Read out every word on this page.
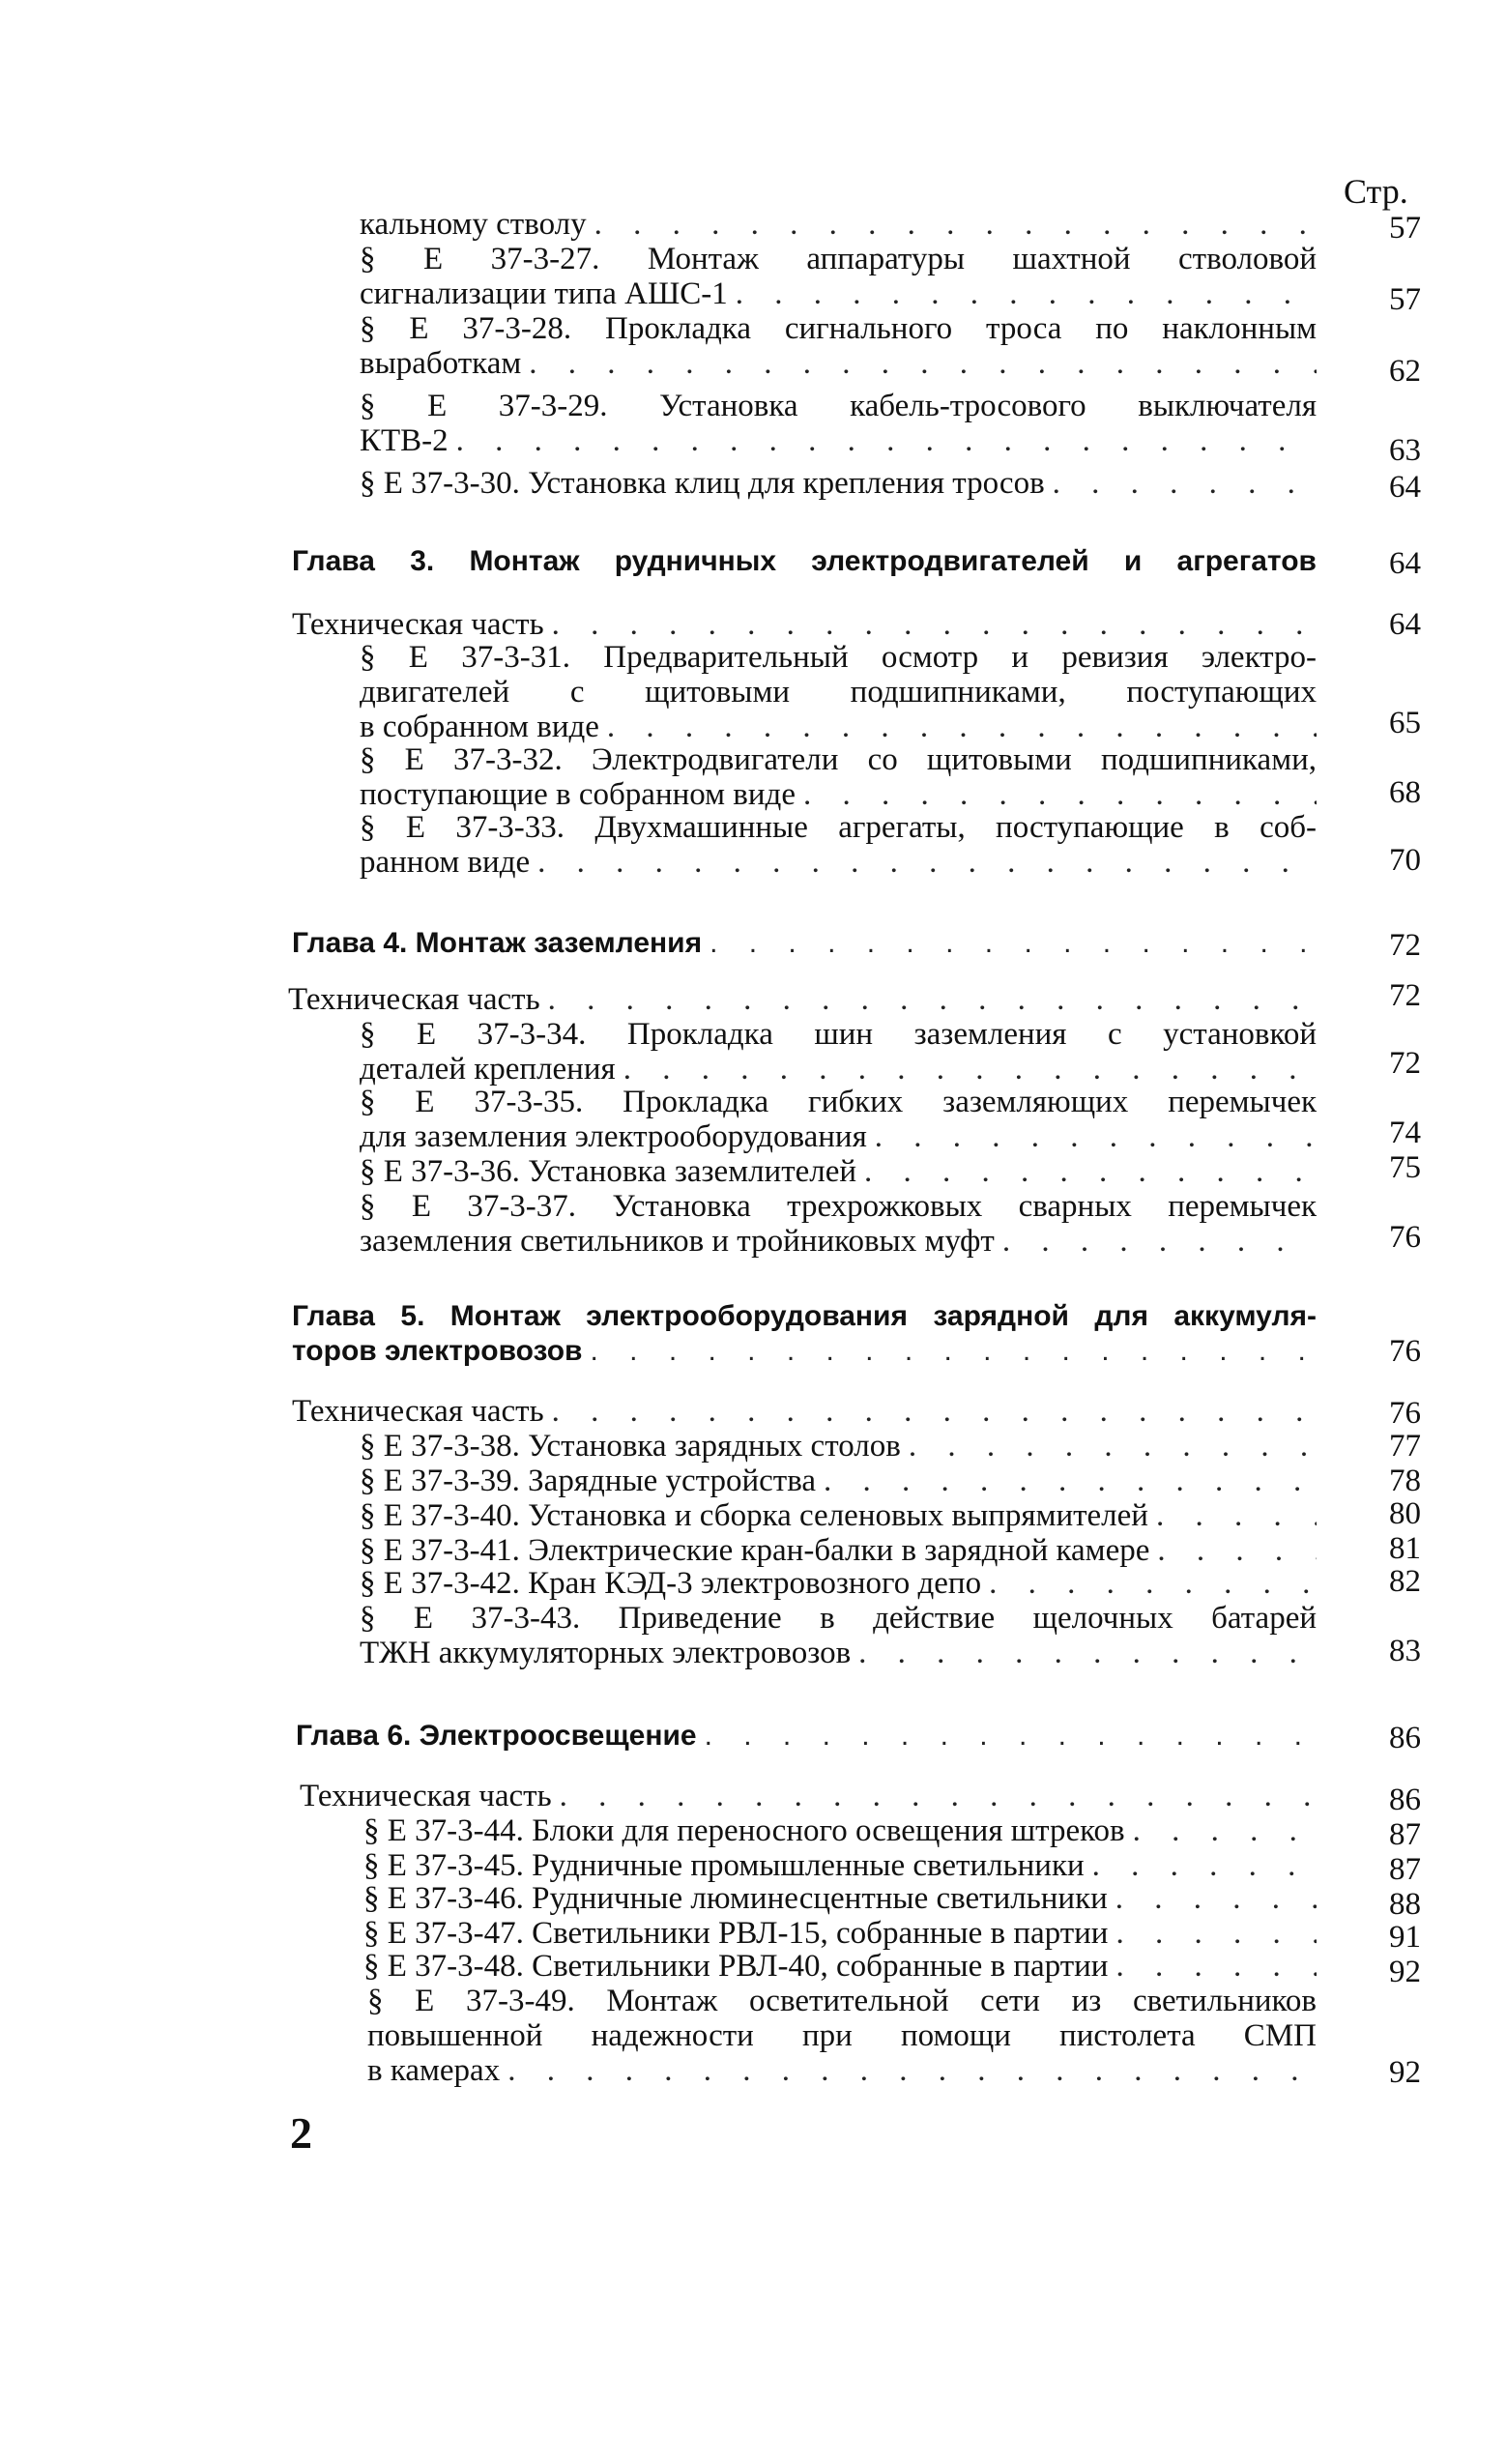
Стр.
кальному стволу . . .	57
§ Е 37-3-27. Монтаж аппаратуры шахтной стволовой
сигнализации типа АШС-1 . . .	57
§ Е 37-3-28. Прокладка сигнального троса по наклонным
выработкам . . .	62
§ Е 37-3-29. Установка кабель-тросового выключателя
КТВ-2 . . .	63
§ Е 37-3-30. Установка клиц для крепления тросов . . .	64
Глава 3. Монтаж рудничных электродвигателей и агрегатов	64
Техническая часть . . .	64
§ Е 37-3-31. Предварительный осмотр и ревизия электро-
двигателей с щитовыми подшипниками, поступающих
в собранном виде . . .	65
§ Е 37-3-32. Электродвигатели со щитовыми подшипниками,
поступающие в собранном виде . . .	68
§ Е 37-3-33. Двухмашинные агрегаты, поступающие в соб-
ранном виде . . .	70
Глава 4. Монтаж заземления . . .	72
Техническая часть . . .	72
§ Е 37-3-34. Прокладка шин заземления с установкой
деталей крепления . . .	72
§ Е 37-3-35. Прокладка гибких заземляющих перемычек
для заземления электрооборудования . . .	74
§ Е 37-3-36. Установка заземлителей . . .	75
§ Е 37-3-37. Установка трехрожковых сварных перемычек
заземления светильников и тройниковых муфт . . .	76
Глава 5. Монтаж электрооборудования зарядной для аккумуля-
торов электровозов . . .	76
Техническая часть . . .	76
§ Е 37-3-38. Установка зарядных столов . . .	77
§ Е 37-3-39. Зарядные устройства . . .	78
§ Е 37-3-40. Установка и сборка селеновых выпрямителей . . .	80
§ Е 37-3-41. Электрические кран-балки в зарядной камере . . .	81
§ Е 37-3-42. Кран КЭД-3 электровозного депо . . .	82
§ Е 37-3-43. Приведение в действие щелочных батарей
ТЖН аккумуляторных электровозов . . .	83
Глава 6. Электроосвещение . . .	86
Техническая часть . . .	86
§ Е 37-3-44. Блоки для переносного освещения штреков . . .	87
§ Е 37-3-45. Рудничные промышленные светильники . . .	87
§ Е 37-3-46. Рудничные люминесцентные светильники . . .	88
§ Е 37-3-47. Светильники РВЛ-15, собранные в партии . . .	91
§ Е 37-3-48. Светильники РВЛ-40, собранные в партии . . .	92
§ Е 37-3-49. Монтаж осветительной сети из светильников
повышенной надежности при помощи пистолета СМП
в камерах . . .	92
2
